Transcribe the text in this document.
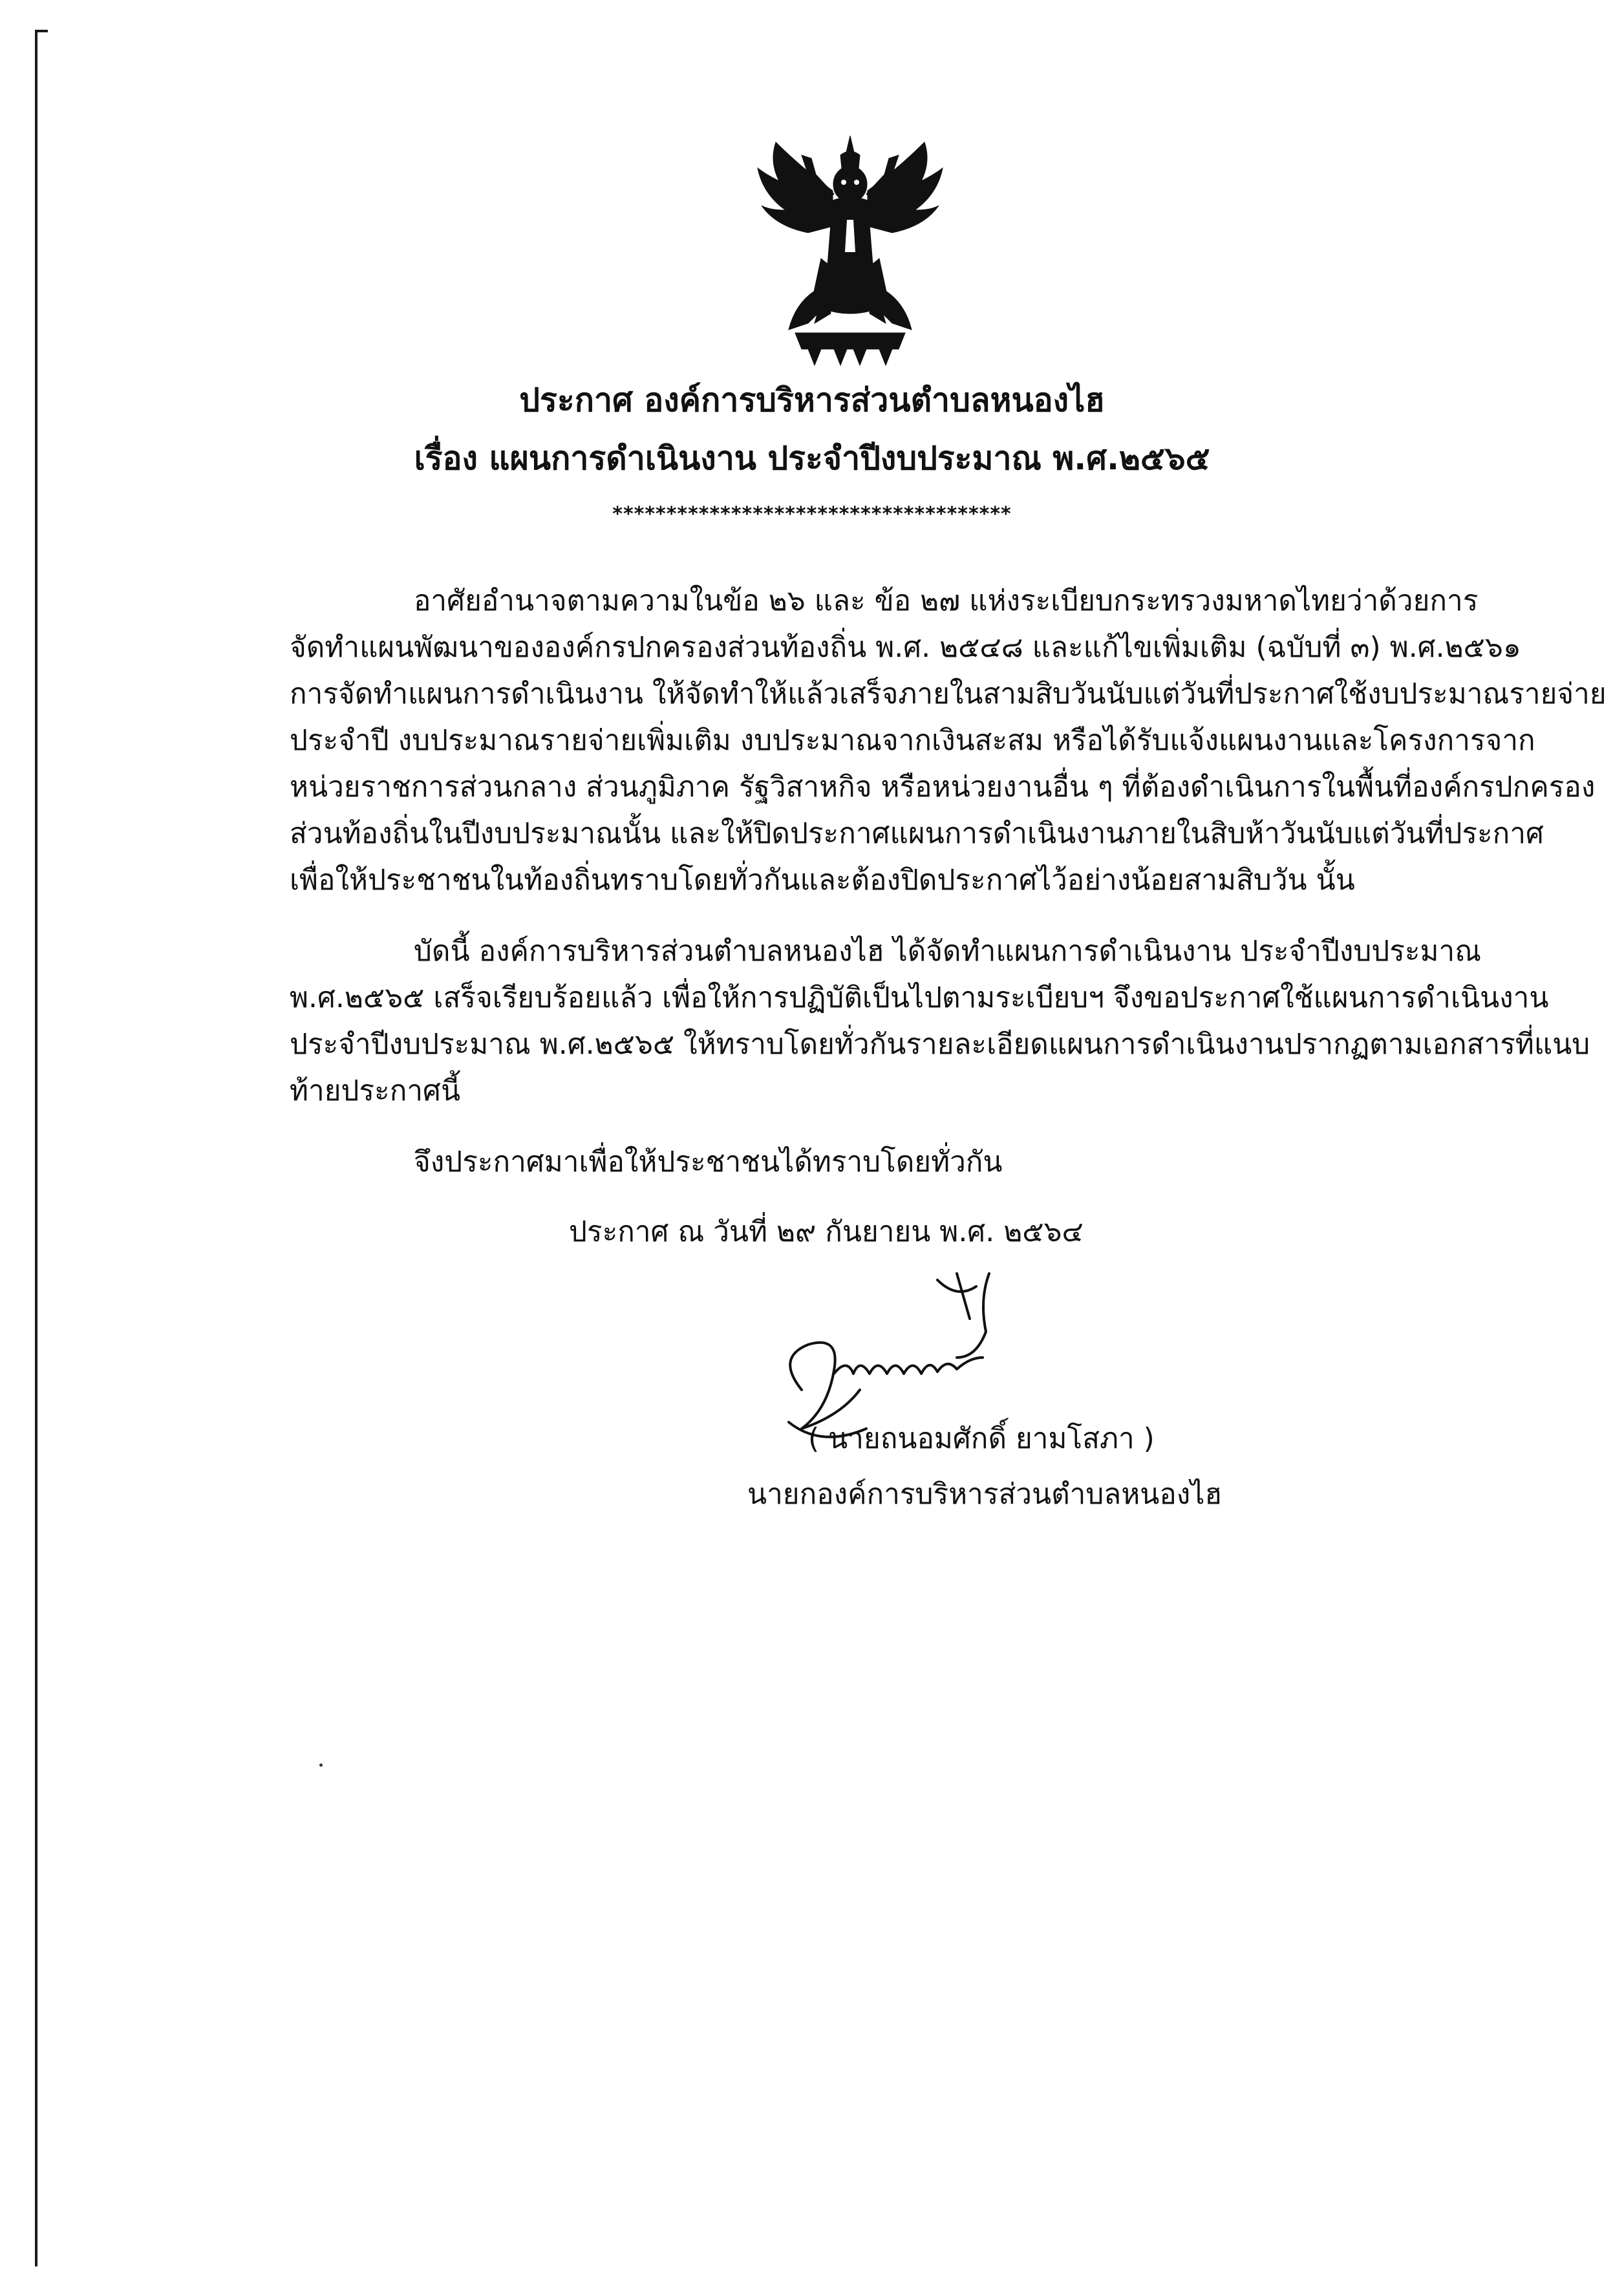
ประกาศ องค์การบริหารส่วนตำบลหนองไฮ
เรื่อง แผนการดำเนินงาน ประจำปีงบประมาณ พ.ศ.๒๕๖๕
*************************************
อาศัยอำนาจตามความในข้อ ๒๖ และ ข้อ ๒๗ แห่งระเบียบกระทรวงมหาดไทยว่าด้วยการ
จัดทำแผนพัฒนาขององค์กรปกครองส่วนท้องถิ่น พ.ศ. ๒๕๔๘ และแก้ไขเพิ่มเติม (ฉบับที่ ๓) พ.ศ.๒๕๖๑
การจัดทำแผนการดำเนินงาน ให้จัดทำให้แล้วเสร็จภายในสามสิบวันนับแต่วันที่ประกาศใช้งบประมาณรายจ่าย
ประจำปี งบประมาณรายจ่ายเพิ่มเติม งบประมาณจากเงินสะสม หรือได้รับแจ้งแผนงานและโครงการจาก
หน่วยราชการส่วนกลาง ส่วนภูมิภาค รัฐวิสาหกิจ หรือหน่วยงานอื่น ๆ ที่ต้องดำเนินการในพื้นที่องค์กรปกครอง
ส่วนท้องถิ่นในปีงบประมาณนั้น และให้ปิดประกาศแผนการดำเนินงานภายในสิบห้าวันนับแต่วันที่ประกาศ
เพื่อให้ประชาชนในท้องถิ่นทราบโดยทั่วกันและต้องปิดประกาศไว้อย่างน้อยสามสิบวัน นั้น
บัดนี้ องค์การบริหารส่วนตำบลหนองไฮ ได้จัดทำแผนการดำเนินงาน ประจำปีงบประมาณ
พ.ศ.๒๕๖๕ เสร็จเรียบร้อยแล้ว เพื่อให้การปฏิบัติเป็นไปตามระเบียบฯ จึงขอประกาศใช้แผนการดำเนินงาน
ประจำปีงบประมาณ พ.ศ.๒๕๖๕ ให้ทราบโดยทั่วกันรายละเอียดแผนการดำเนินงานปรากฏตามเอกสารที่แนบ
ท้ายประกาศนี้
จึงประกาศมาเพื่อให้ประชาชนได้ทราบโดยทั่วกัน
ประกาศ ณ วันที่ ๒๙ กันยายน พ.ศ. ๒๕๖๔
( นายถนอมศักดิ์ ยามโสภา )
นายกองค์การบริหารส่วนตำบลหนองไฮ
